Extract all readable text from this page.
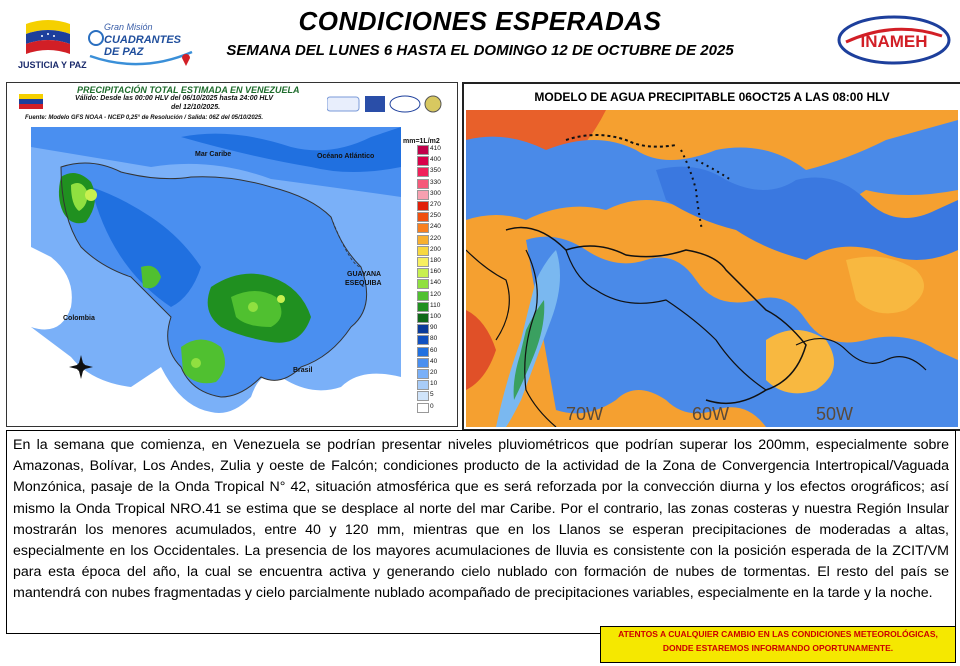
CONDICIONES ESPERADAS
SEMANA DEL LUNES 6 HASTA EL DOMINGO 12 DE OCTUBRE DE 2025
JUSTICIA Y PAZ
Gran Misión
CUADRANTES DE PAZ
INAMEH
PRECIPITACIÓN TOTAL ESTIMADA EN VENEZUELA
Válido: Desde las 00:00 HLV del 06/10/2025 hasta 24:00 HLV
del 12/10/2025.
Fuente: Modelo GFS NOAA - NCEP 0,25° de Resolución / Salida: 06Z del 05/10/2025.
Mar Caribe	Océano Atlántico
GUAYANA
ESEQUIBA
Colombia
Brasil
mm=1L/m2
410
400
350
330
300
270
250
240
220
200
180
160
140
120
110
100
90
80
60
40
20
10
5
0
MODELO DE AGUA PRECIPITABLE 06OCT25 A LAS 08:00 HLV
70W	60W	50W

En la semana que comienza, en Venezuela se podrían presentar niveles pluviométricos que podrían superar los 200mm, especialmente sobre Amazonas, Bolívar, Los Andes, Zulia y oeste de Falcón; condiciones producto de la actividad de la Zona de Convergencia Intertropical/Vaguada Monzónica, pasaje de la Onda Tropical N° 42, situación atmosférica que es será reforzada por la convección diurna y los efectos orográficos; así mismo la Onda Tropical NRO.41 se estima que se desplace al norte del mar Caribe. Por el contrario, las zonas costeras y nuestra Región Insular mostrarán los menores acumulados, entre 40 y 120 mm, mientras que en los Llanos se esperan precipitaciones de moderadas a altas, especialmente en los Occidentales. La presencia de los mayores acumulaciones de lluvia es consistente con la posición esperada de la ZCIT/VM para esta época del año, la cual se encuentra activa y generando cielo nublado con formación de nubes de tormentas. El resto del país se mantendrá con nubes fragmentadas y cielo parcialmente nublado acompañado de precipitaciones variables, especialmente en la tarde y la noche.

ATENTOS A CUALQUIER CAMBIO EN LAS CONDICIONES METEOROLÓGICAS,
DONDE ESTAREMOS INFORMANDO OPORTUNAMENTE.
